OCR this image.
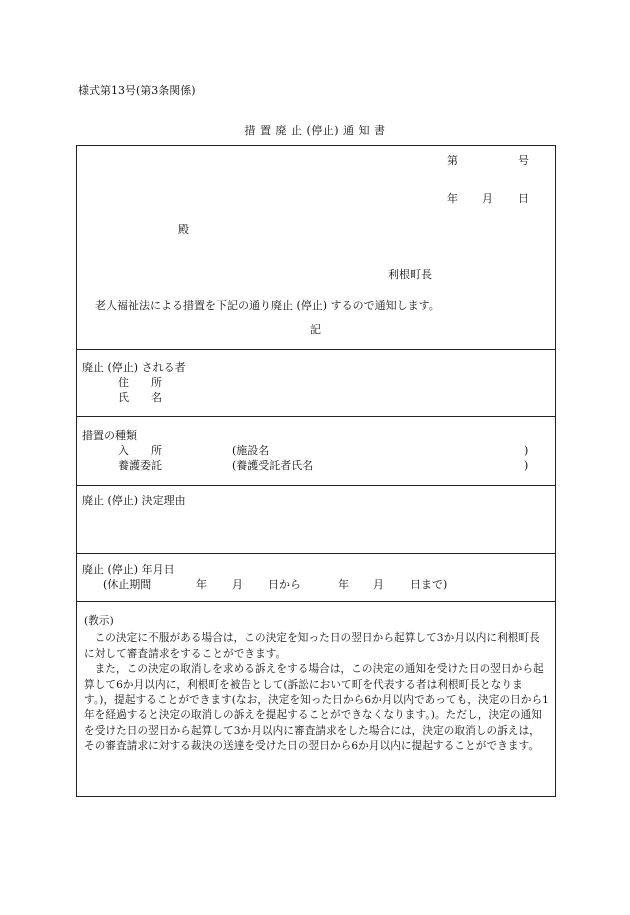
様式第13号(第3条関係)
措 置 廃 止 (停止) 通 知 書
第	号
年 月 日
殿
利根町長
老人福祉法による措置を下記の通り廃止 (停止) するので通知します。
記
廃止 (停止) される者
住　　所
氏　　名
措置の種類
入　　所	(施設名	)
養護委託	(養護受託者氏名	)
廃止 (停止) 決定理由
廃止 (停止) 年月日
(休止期間	年 月 日から	年 月 日まで)

(教示)

この決定に不服がある場合は，この決定を知った日の翌日から起算して3か月以内に利根町長に対して審査請求をすることができます。

また，この決定の取消しを求める訴えをする場合は，この決定の通知を受けた日の翌日から起算して6か月以内に，利根町を被告として(訴訟において町を代表する者は利根町長となります。)，提起することができます(なお，決定を知った日から6か月以内であっても，決定の日から1年を経過すると決定の取消しの訴えを提起することができなくなります。)。ただし，決定の通知を受けた日の翌日から起算して3か月以内に審査請求をした場合には，決定の取消しの訴えは，その審査請求に対する裁決の送達を受けた日の翌日から6か月以内に提起することができます。
